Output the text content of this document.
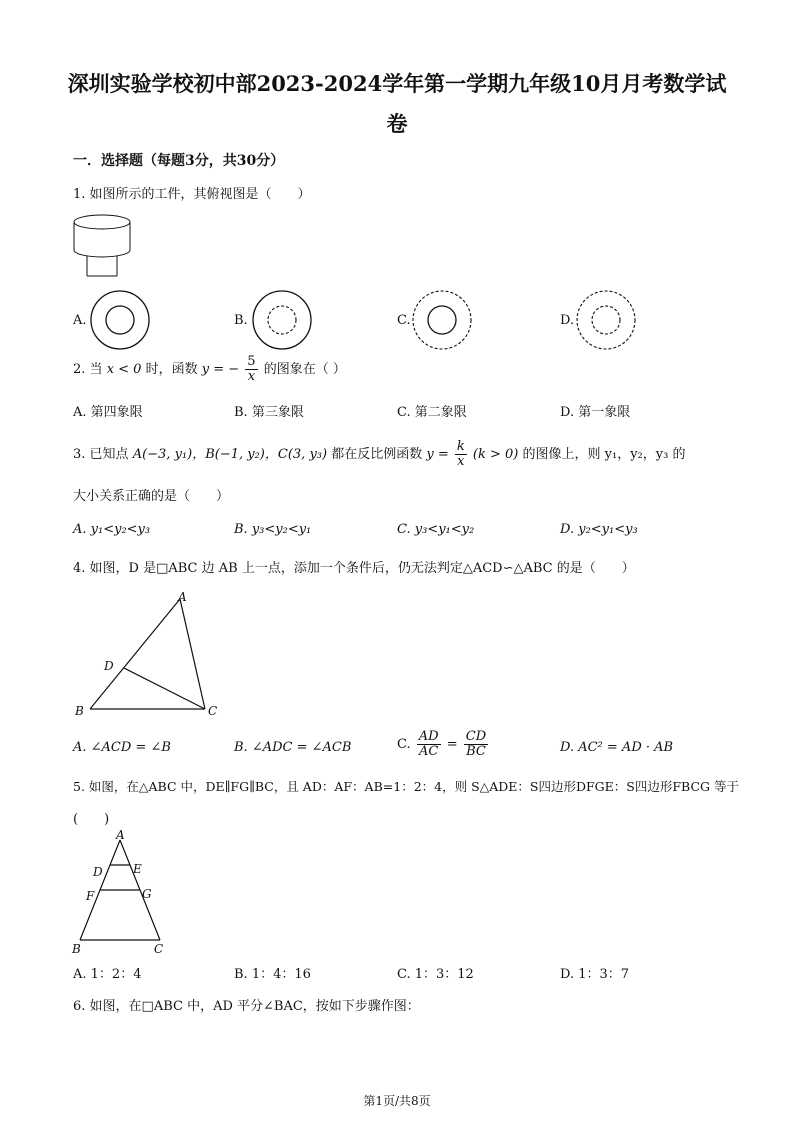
深圳实验学校初中部2023-2024学年第一学期九年级10月月考数学试
卷
一．选择题（每题3分，共30分）
1. 如图所示的工件，其俯视图是（　　）
A.	B.	C.	D.
2. 当 x < 0 时，函数 y = − $\frac{5}{x}$ 的图象在（ ）
A. 第四象限	B. 第三象限	C. 第二象限	D. 第一象限
3. 已知点 A(−3, y₁)，B(−1, y₂)，C(3, y₃) 都在反比例函数 $y = \frac{k}{x} (k > 0)$ 的图像上，则 y₁，y₂，y₃ 的
大小关系正确的是（　　）
A. y₁<y₂<y₃	B. y₃<y₂<y₁	C. y₃<y₁<y₂	D. y₂<y₁<y₃
4. 如图，D 是□ABC 边 AB 上一点，添加一个条件后，仍无法判定△ACD∽△ABC 的是（　　）
A
D
B	C
A. ∠ACD = ∠B	B. ∠ADC = ∠ACB	C. $\frac{AD}{AC} = \frac{CD}{BC}$	D. AC² = AD · AB
5. 如图，在△ABC 中，DE∥FG∥BC，且 AD：AF：AB=1：2：4，则 S△ADE：S四边形DFGE：S四边形FBCG 等于
(　　)
A
D	E
F	G
B	C
A. 1：2：4	B. 1：4：16	C. 1：3：12	D. 1：3：7
6. 如图，在□ABC 中，AD 平分∠BAC，按如下步骤作图：
第1页/共8页
